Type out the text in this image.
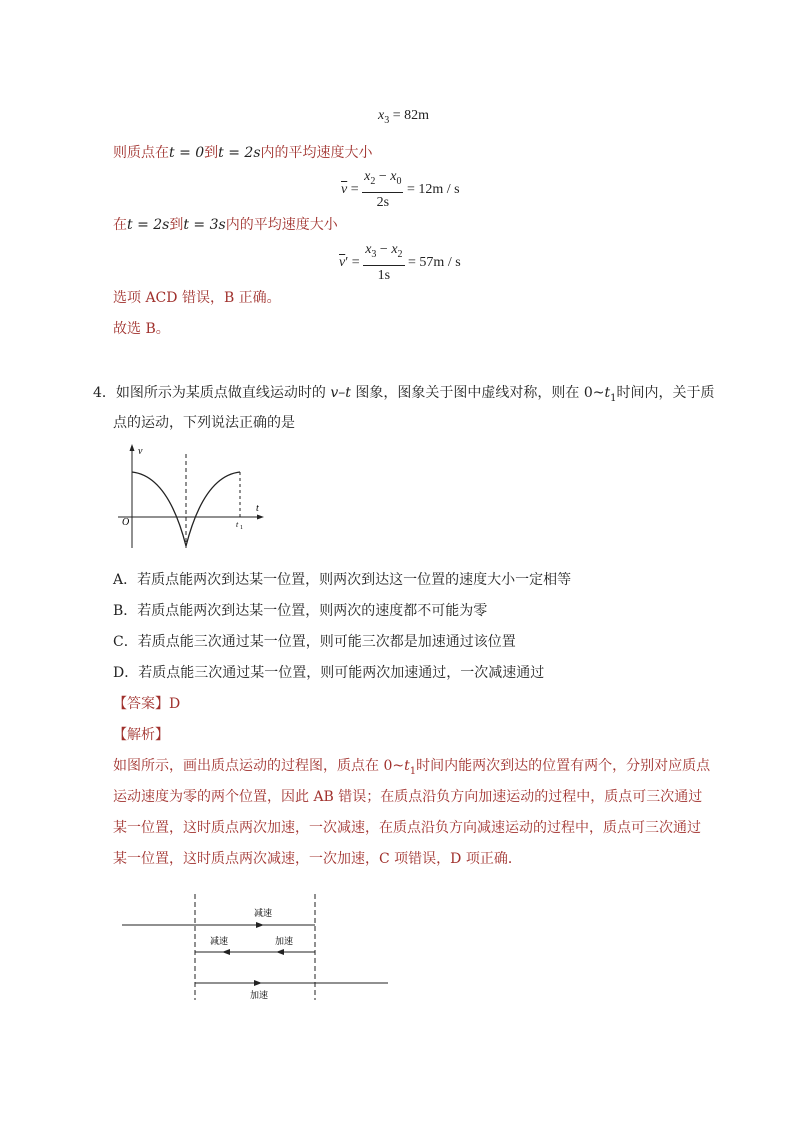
$x_3 = 82m$
则质点在t = 0到t = 2s内的平均速度大小
$\overline{v} = \frac{x_2 - x_0}{2s} = 12m / s$
在t = 2s到t = 3s内的平均速度大小
$\overline{v}' = \frac{x_3 - x_2}{1s} = 57m / s$
选项 ACD 错误，B 正确。
故选 B。
4．如图所示为某质点做直线运动时的 v–t 图象，图象关于图中虚线对称，则在 $0\sim t_1$时间内，关于质
点的运动，下列说法正确的是
v
t
O	t 1
A．若质点能两次到达某一位置，则两次到达这一位置的速度大小一定相等
B．若质点能两次到达某一位置，则两次的速度都不可能为零
C．若质点能三次通过某一位置，则可能三次都是加速通过该位置
D．若质点能三次通过某一位置，则可能两次加速通过，一次减速通过
【答案】D
【解析】
如图所示，画出质点运动的过程图，质点在 $0\sim t_1$时间内能两次到达的位置有两个，分别对应质点
运动速度为零的两个位置，因此 AB 错误；在质点沿负方向加速运动的过程中，质点可三次通过
某一位置，这时质点两次加速，一次减速，在质点沿负方向减速运动的过程中，质点可三次通过
某一位置，这时质点两次减速，一次加速，C 项错误，D 项正确．
减速
减速	加速
加速
